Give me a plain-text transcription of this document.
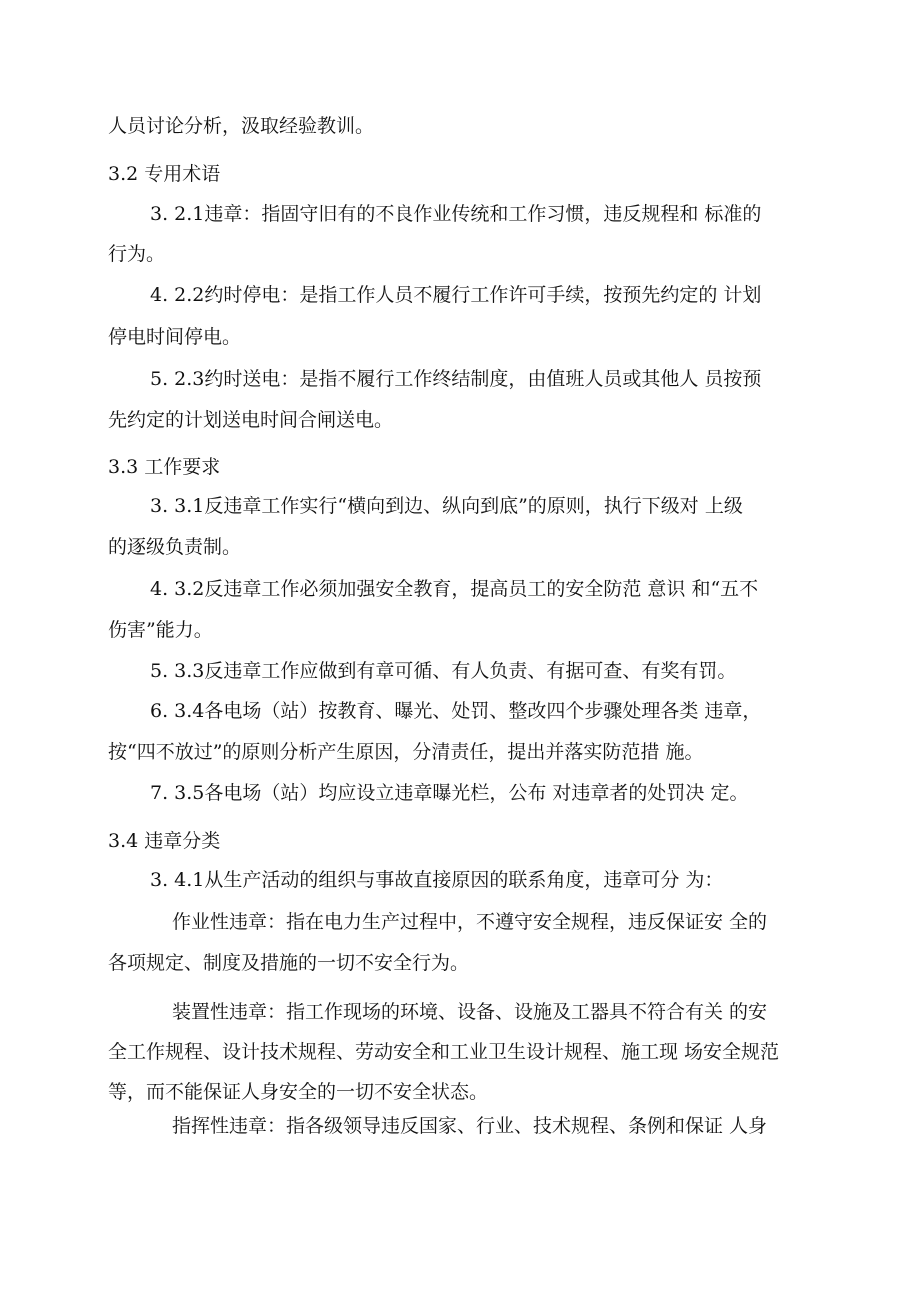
人员讨论分析，汲取经验教训。

3.2 专用术语

3. 2.1违章：指固守旧有的不良作业传统和工作习惯，违反规程和 标准的

行为。

4. 2.2约时停电：是指工作人员不履行工作许可手续，按预先约定的 计划

停电时间停电。

5. 2.3约时送电：是指不履行工作终结制度，由值班人员或其他人 员按预

先约定的计划送电时间合闸送电。

3.3 工作要求

3. 3.1反违章工作实行“横向到边、纵向到底”的原则，执行下级对 上级

的逐级负责制。

4. 3.2反违章工作必须加强安全教育，提高员工的安全防范 意识 和“五不

伤害”能力。

5. 3.3反违章工作应做到有章可循、有人负责、有据可查、有奖有罚。

6. 3.4各电场（站）按教育、曝光、处罚、整改四个步骤处理各类 违章，

按“四不放过”的原则分析产生原因，分清责任，提出并落实防范措 施。

7. 3.5各电场（站）均应设立违章曝光栏，公布 对违章者的处罚决 定。

3.4 违章分类

3. 4.1从生产活动的组织与事故直接原因的联系角度，违章可分 为：

作业性违章：指在电力生产过程中，不遵守安全规程，违反保证安 全的

各项规定、制度及措施的一切不安全行为。

装置性违章：指工作现场的环境、设备、设施及工器具不符合有关 的安

全工作规程、设计技术规程、劳动安全和工业卫生设计规程、施工现 场安全规范

等，而不能保证人身安全的一切不安全状态。

指挥性违章：指各级领导违反国家、行业、技术规程、条例和保证 人身
